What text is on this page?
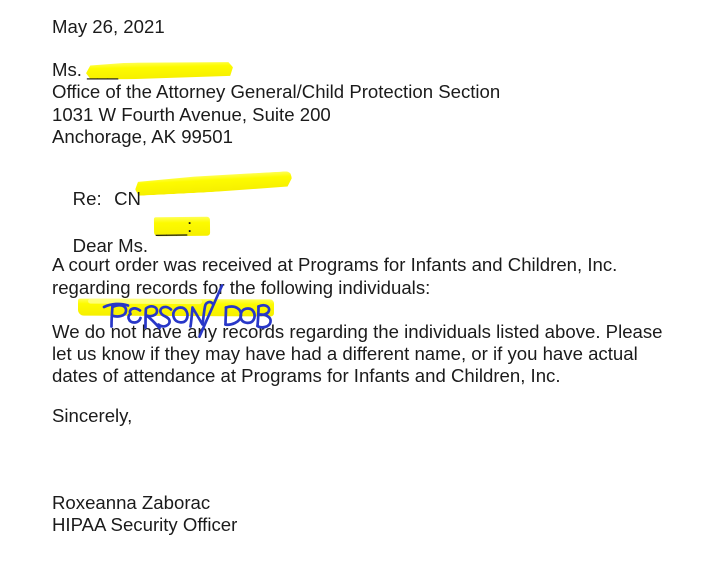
May 26, 2021
Ms. ___
Office of the Attorney General/Child Protection Section
1031 W Fourth Avenue, Suite 200
Anchorage, AK 99501

Re: CN

Dear Ms.

___:
A court order was received at Programs for Infants and Children, Inc.
regarding records for the following individuals:
We do not have any records regarding the individuals listed above. Please
let us know if they may have had a different name, or if you have actual
dates of attendance at Programs for Infants and Children, Inc.
Sincerely,
Roxeanna Zaborac
HIPAA Security Officer
